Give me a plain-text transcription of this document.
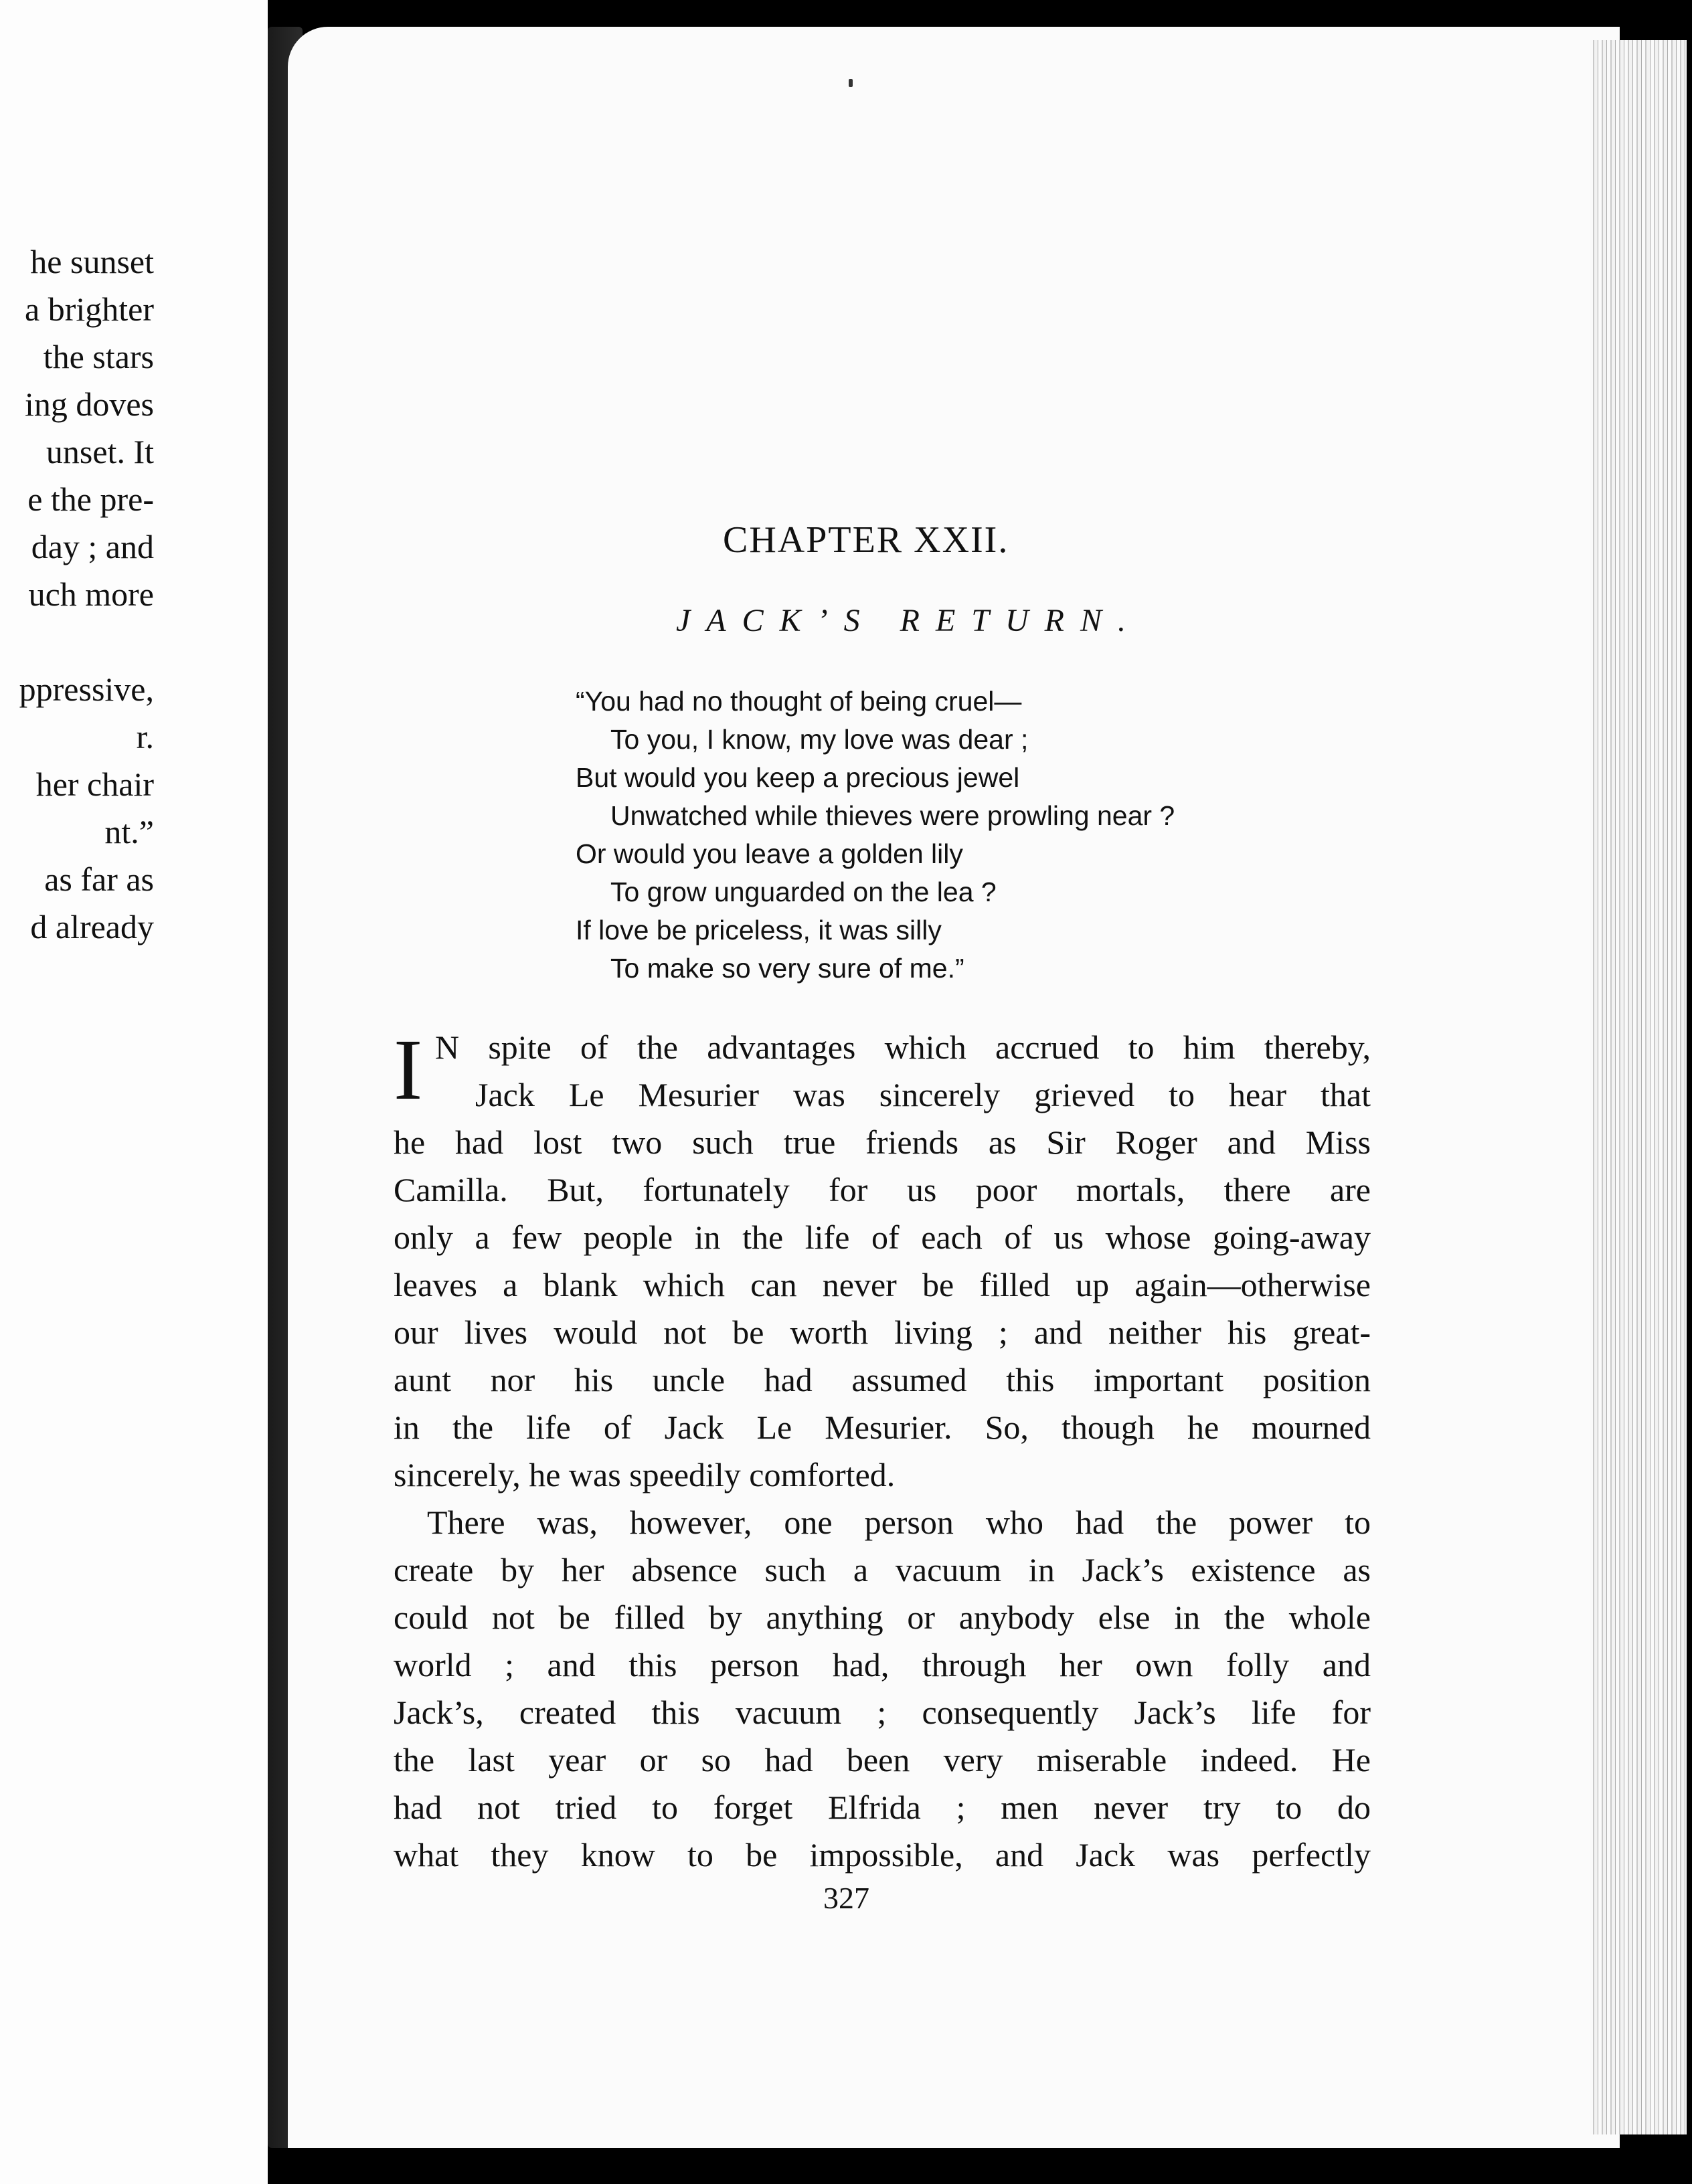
he sunset
a brighter
the stars
ing doves
unset. It
e the pre-
day ; and
uch more
ppressive,
r.
her chair
nt.”
as far as
d already
CHAPTER XXII.
JACK’S RETURN.
“You had no thought of being cruel—
To you, I know, my love was dear ;
But would you keep a precious jewel
Unwatched while thieves were prowling near ?
Or would you leave a golden lily
To grow unguarded on the lea ?
If love be priceless, it was silly
To make so very sure of me.”
I N spite of the advantages which accrued to him thereby,
Jack Le Mesurier was sincerely grieved to hear that
he had lost two such true friends as Sir Roger and Miss
Camilla. But, fortunately for us poor mortals, there are
only a few people in the life of each of us whose going-away
leaves a blank which can never be filled up again—otherwise
our lives would not be worth living ; and neither his great-
aunt nor his uncle had assumed this important position
in the life of Jack Le Mesurier. So, though he mourned
sincerely, he was speedily comforted.
There was, however, one person who had the power to
create by her absence such a vacuum in Jack’s existence as
could not be filled by anything or anybody else in the whole
world ; and this person had, through her own folly and
Jack’s, created this vacuum ; consequently Jack’s life for
the last year or so had been very miserable indeed. He
had not tried to forget Elfrida ; men never try to do
what they know to be impossible, and Jack was perfectly
327
